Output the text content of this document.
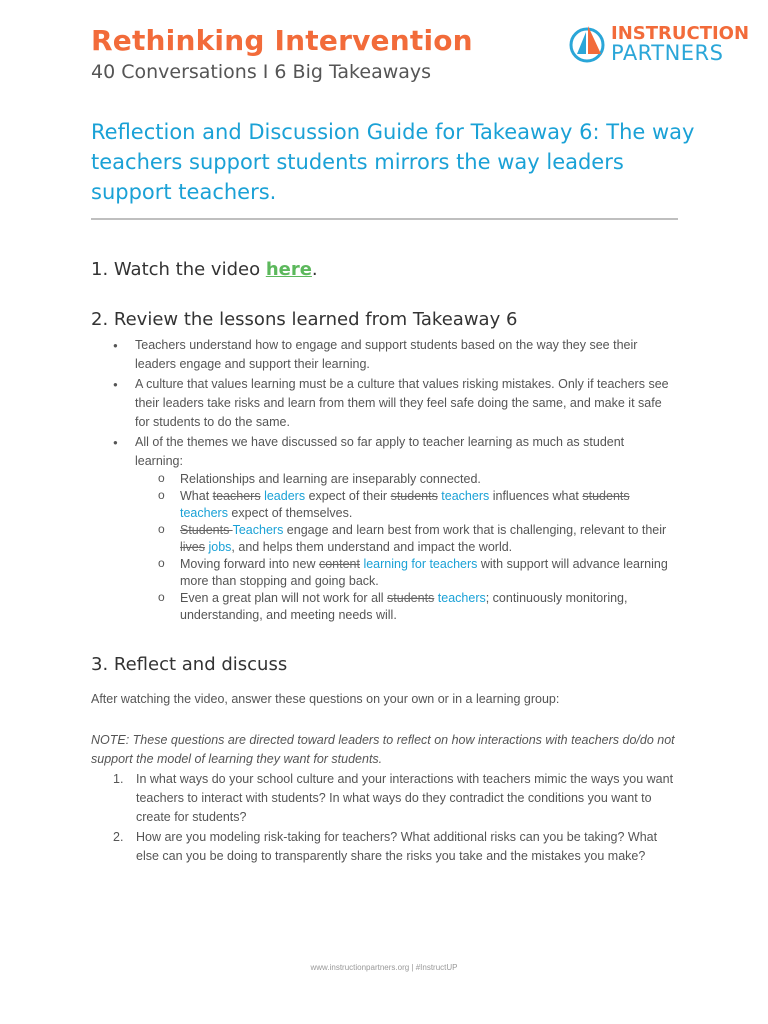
Rethinking Intervention
40 Conversations I 6 Big Takeaways
INSTRUCTION
PARTNERS
Reflection and Discussion Guide for Takeaway 6: The way teachers support students mirrors the way leaders support teachers.
1. Watch the video here.
2. Review the lessons learned from Takeaway 6
● Teachers understand how to engage and support students based on the way they see their leaders engage and support their learning.
● A culture that values learning must be a culture that values risking mistakes. Only if teachers see their leaders take risks and learn from them will they feel safe doing the same, and make it safe for students to do the same.
● All of the themes we have discussed so far apply to teacher learning as much as student learning:
o Relationships and learning are inseparably connected.
o What teachers leaders expect of their students teachers influences what students
teachers expect of themselves.
o Students Teachers engage and learn best from work that is challenging, relevant to their lives jobs, and helps them understand and impact the world.
o Moving forward into new content learning for teachers with support will advance learning more than stopping and going back.
o Even a great plan will not work for all students teachers; continuously monitoring, understanding, and meeting needs will.
3. Reflect and discuss

After watching the video, answer these questions on your own or in a learning group:

NOTE: These questions are directed toward leaders to reflect on how interactions with teachers do/do not support the model of learning they want for students.

1. In what ways do your school culture and your interactions with teachers mimic the ways you want teachers to interact with students? In what ways do they contradict the conditions you want to create for students?
2. How are you modeling risk-taking for teachers? What additional risks can you be taking? What else can you be doing to transparently share the risks you take and the mistakes you make?
www.instructionpartners.org | #InstructUP
